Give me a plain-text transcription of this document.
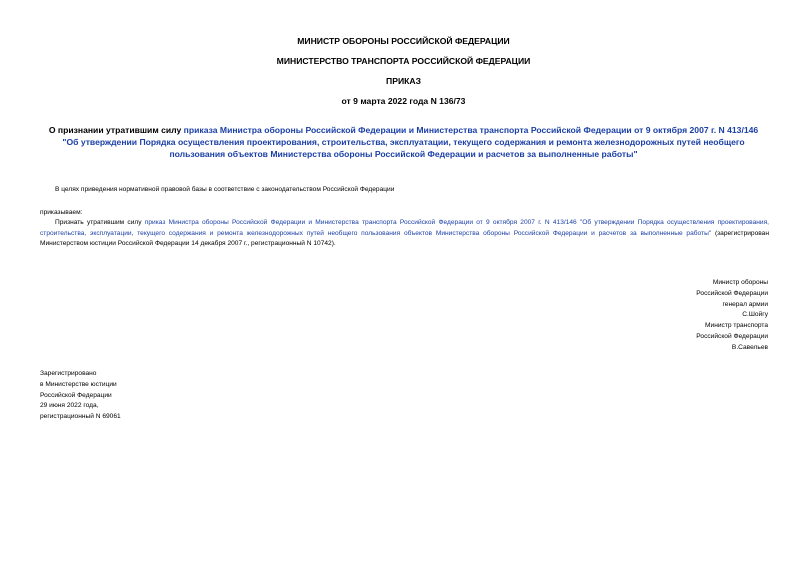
МИНИСТР ОБОРОНЫ РОССИЙСКОЙ ФЕДЕРАЦИИ
МИНИСТЕРСТВО ТРАНСПОРТА РОССИЙСКОЙ ФЕДЕРАЦИИ
ПРИКАЗ
от 9 марта 2022 года N 136/73
О признании утратившим силу приказа Министра обороны Российской Федерации и Министерства транспорта Российской Федерации от 9 октября 2007 г. N 413/146 "Об утверждении Порядка осуществления проектирования, строительства, эксплуатации, текущего содержания и ремонта железнодорожных путей необщего пользования объектов Министерства обороны Российской Федерации и расчетов за выполненные работы"
В целях приведения нормативной правовой базы в соответствие с законодательством Российской Федерации
приказываем:
Признать утратившим силу приказ Министра обороны Российской Федерации и Министерства транспорта Российской Федерации от 9 октября 2007 г. N 413/146 "Об утверждении Порядка осуществления проектирования, строительства, эксплуатации, текущего содержания и ремонта железнодорожных путей необщего пользования объектов Министерства обороны Российской Федерации и расчетов за выполненные работы" (зарегистрирован Министерством юстиции Российской Федерации 14 декабря 2007 г., регистрационный N 10742).
Министр обороны
Российской Федерации
генерал армии
С.Шойгу
Министр транспорта
Российской Федерации
В.Савельев
Зарегистрировано
в Министерстве юстиции
Российской Федерации
29 июня 2022 года,
регистрационный N 69061
